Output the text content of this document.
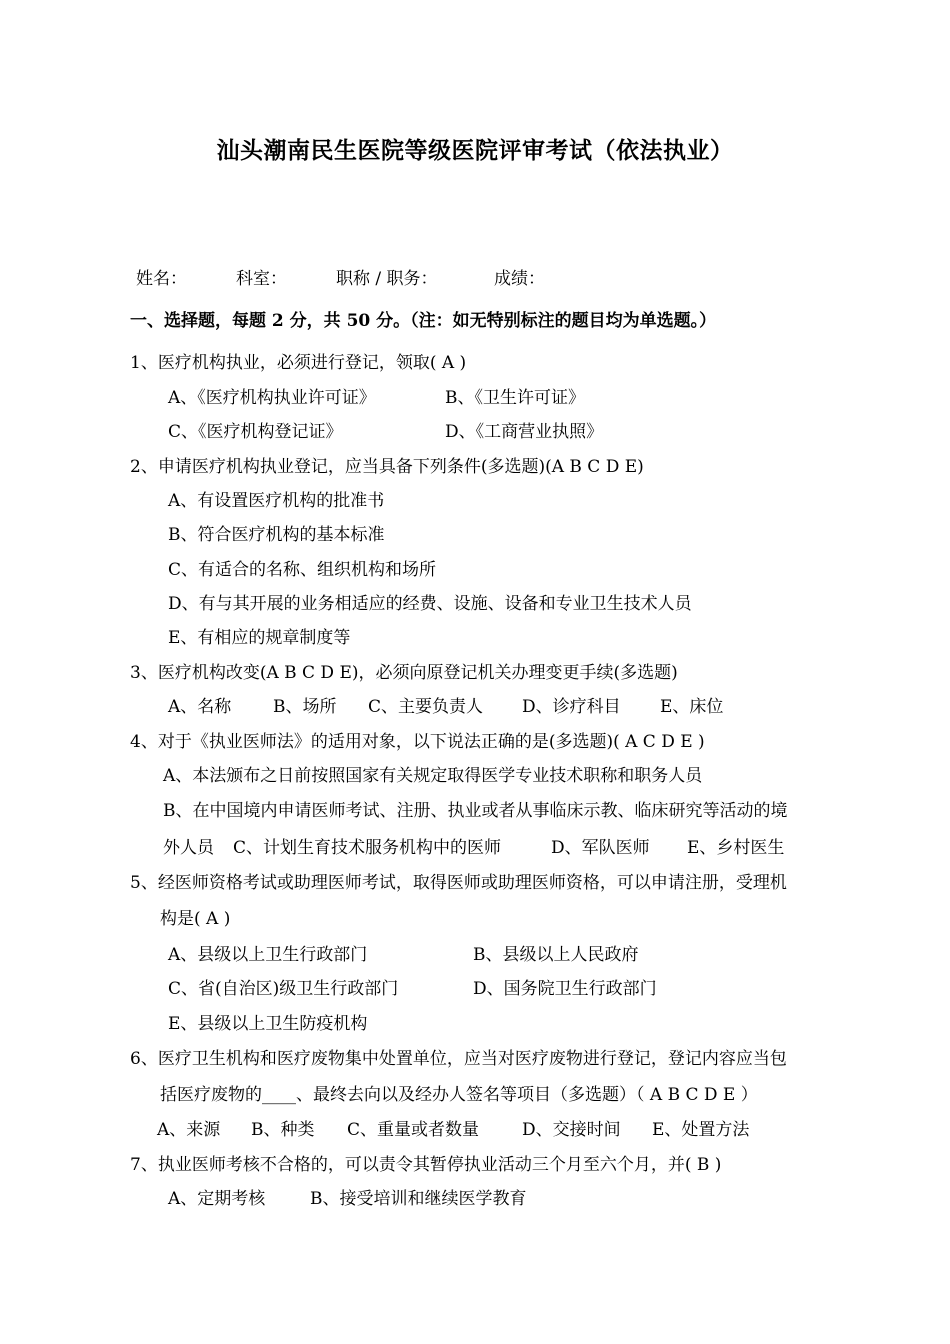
汕头潮南民生医院等级医院评审考试（依法执业）
姓名：	科室：	职称 / 职务：	成绩：
一、选择题，每题 2 分，共 50 分。（注：如无特别标注的题目均为单选题。）
1、医疗机构执业，必须进行登记，领取( A )
A、《医疗机构执业许可证》	B、《卫生许可证》
C、《医疗机构登记证》	D、《工商营业执照》
2、申请医疗机构执业登记，应当具备下列条件(多选题)(A B C D E)
A、有设置医疗机构的批准书
B、符合医疗机构的基本标准
C、有适合的名称、组织机构和场所
D、有与其开展的业务相适应的经费、设施、设备和专业卫生技术人员
E、有相应的规章制度等
3、医疗机构改变(A B C D E)，必须向原登记机关办理变更手续(多选题)
A、名称 B、场所 C、主要负责人 D、诊疗科目 E、床位
4、对于《执业医师法》的适用对象，以下说法正确的是(多选题)( A C D E )
A、本法颁布之日前按照国家有关规定取得医学专业技术职称和职务人员
B、在中国境内申请医师考试、注册、执业或者从事临床示教、临床研究等活动的境
外人员 C、计划生育技术服务机构中的医师	D、军队医师 E、乡村医生
5、经医师资格考试或助理医师考试，取得医师或助理医师资格，可以申请注册，受理机
构是( A )
A、县级以上卫生行政部门	B、县级以上人民政府
C、省(自治区)级卫生行政部门	D、国务院卫生行政部门
E、县级以上卫生防疫机构
6、医疗卫生机构和医疗废物集中处置单位，应当对医疗废物进行登记，登记内容应当包
括医疗废物的____、最终去向以及经办人签名等项目（多选题）（ A B C D E ）
A、来源 B、种类 C、重量或者数量	D、交接时间 E、处置方法
7、执业医师考核不合格的，可以责令其暂停执业活动三个月至六个月，并( B )
A、定期考核	B、接受培训和继续医学教育
